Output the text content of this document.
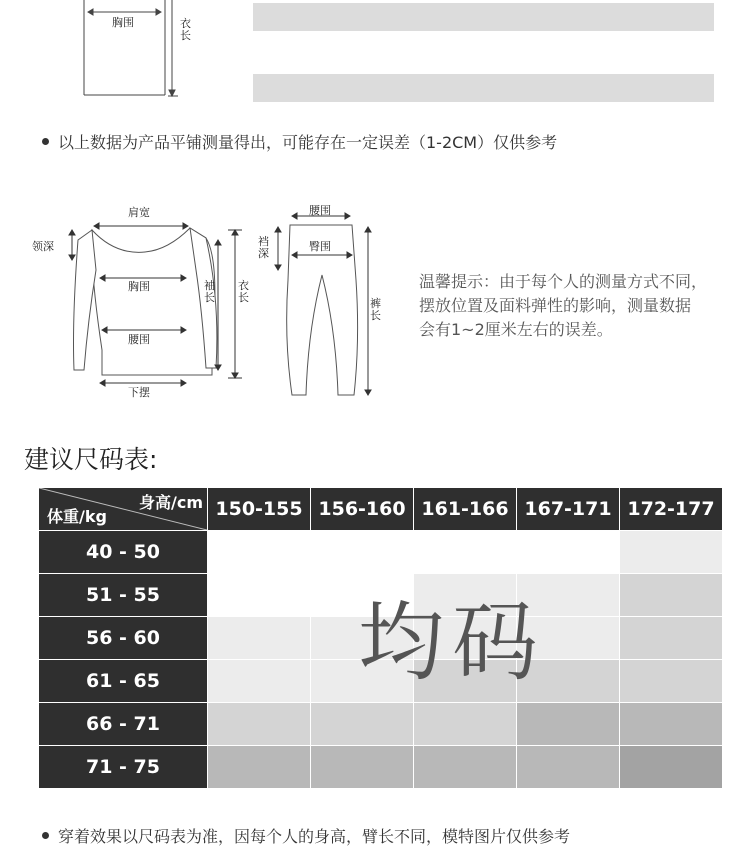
胸围	衣长
以上数据为产品平铺测量得出，可能存在一定误差（1-2CM）仅供参考
肩宽
领深
胸围	袖长
衣长
腰围
下摆
腰围
裆深
臀围
裤长
温馨提示：由于每个人的测量方式不同，
摆放位置及面料弹性的影响，测量数据
会有1~2厘米左右的误差。
建议尺码表:
身高/cm
体重/kg	150-155	156-160	161-166	167-171	172-177
40 - 50					
51 - 55					
56 - 60					
61 - 65					
66 - 71					
71 - 75					
均码
穿着效果以尺码表为准，因每个人的身高，臂长不同，模特图片仅供参考
